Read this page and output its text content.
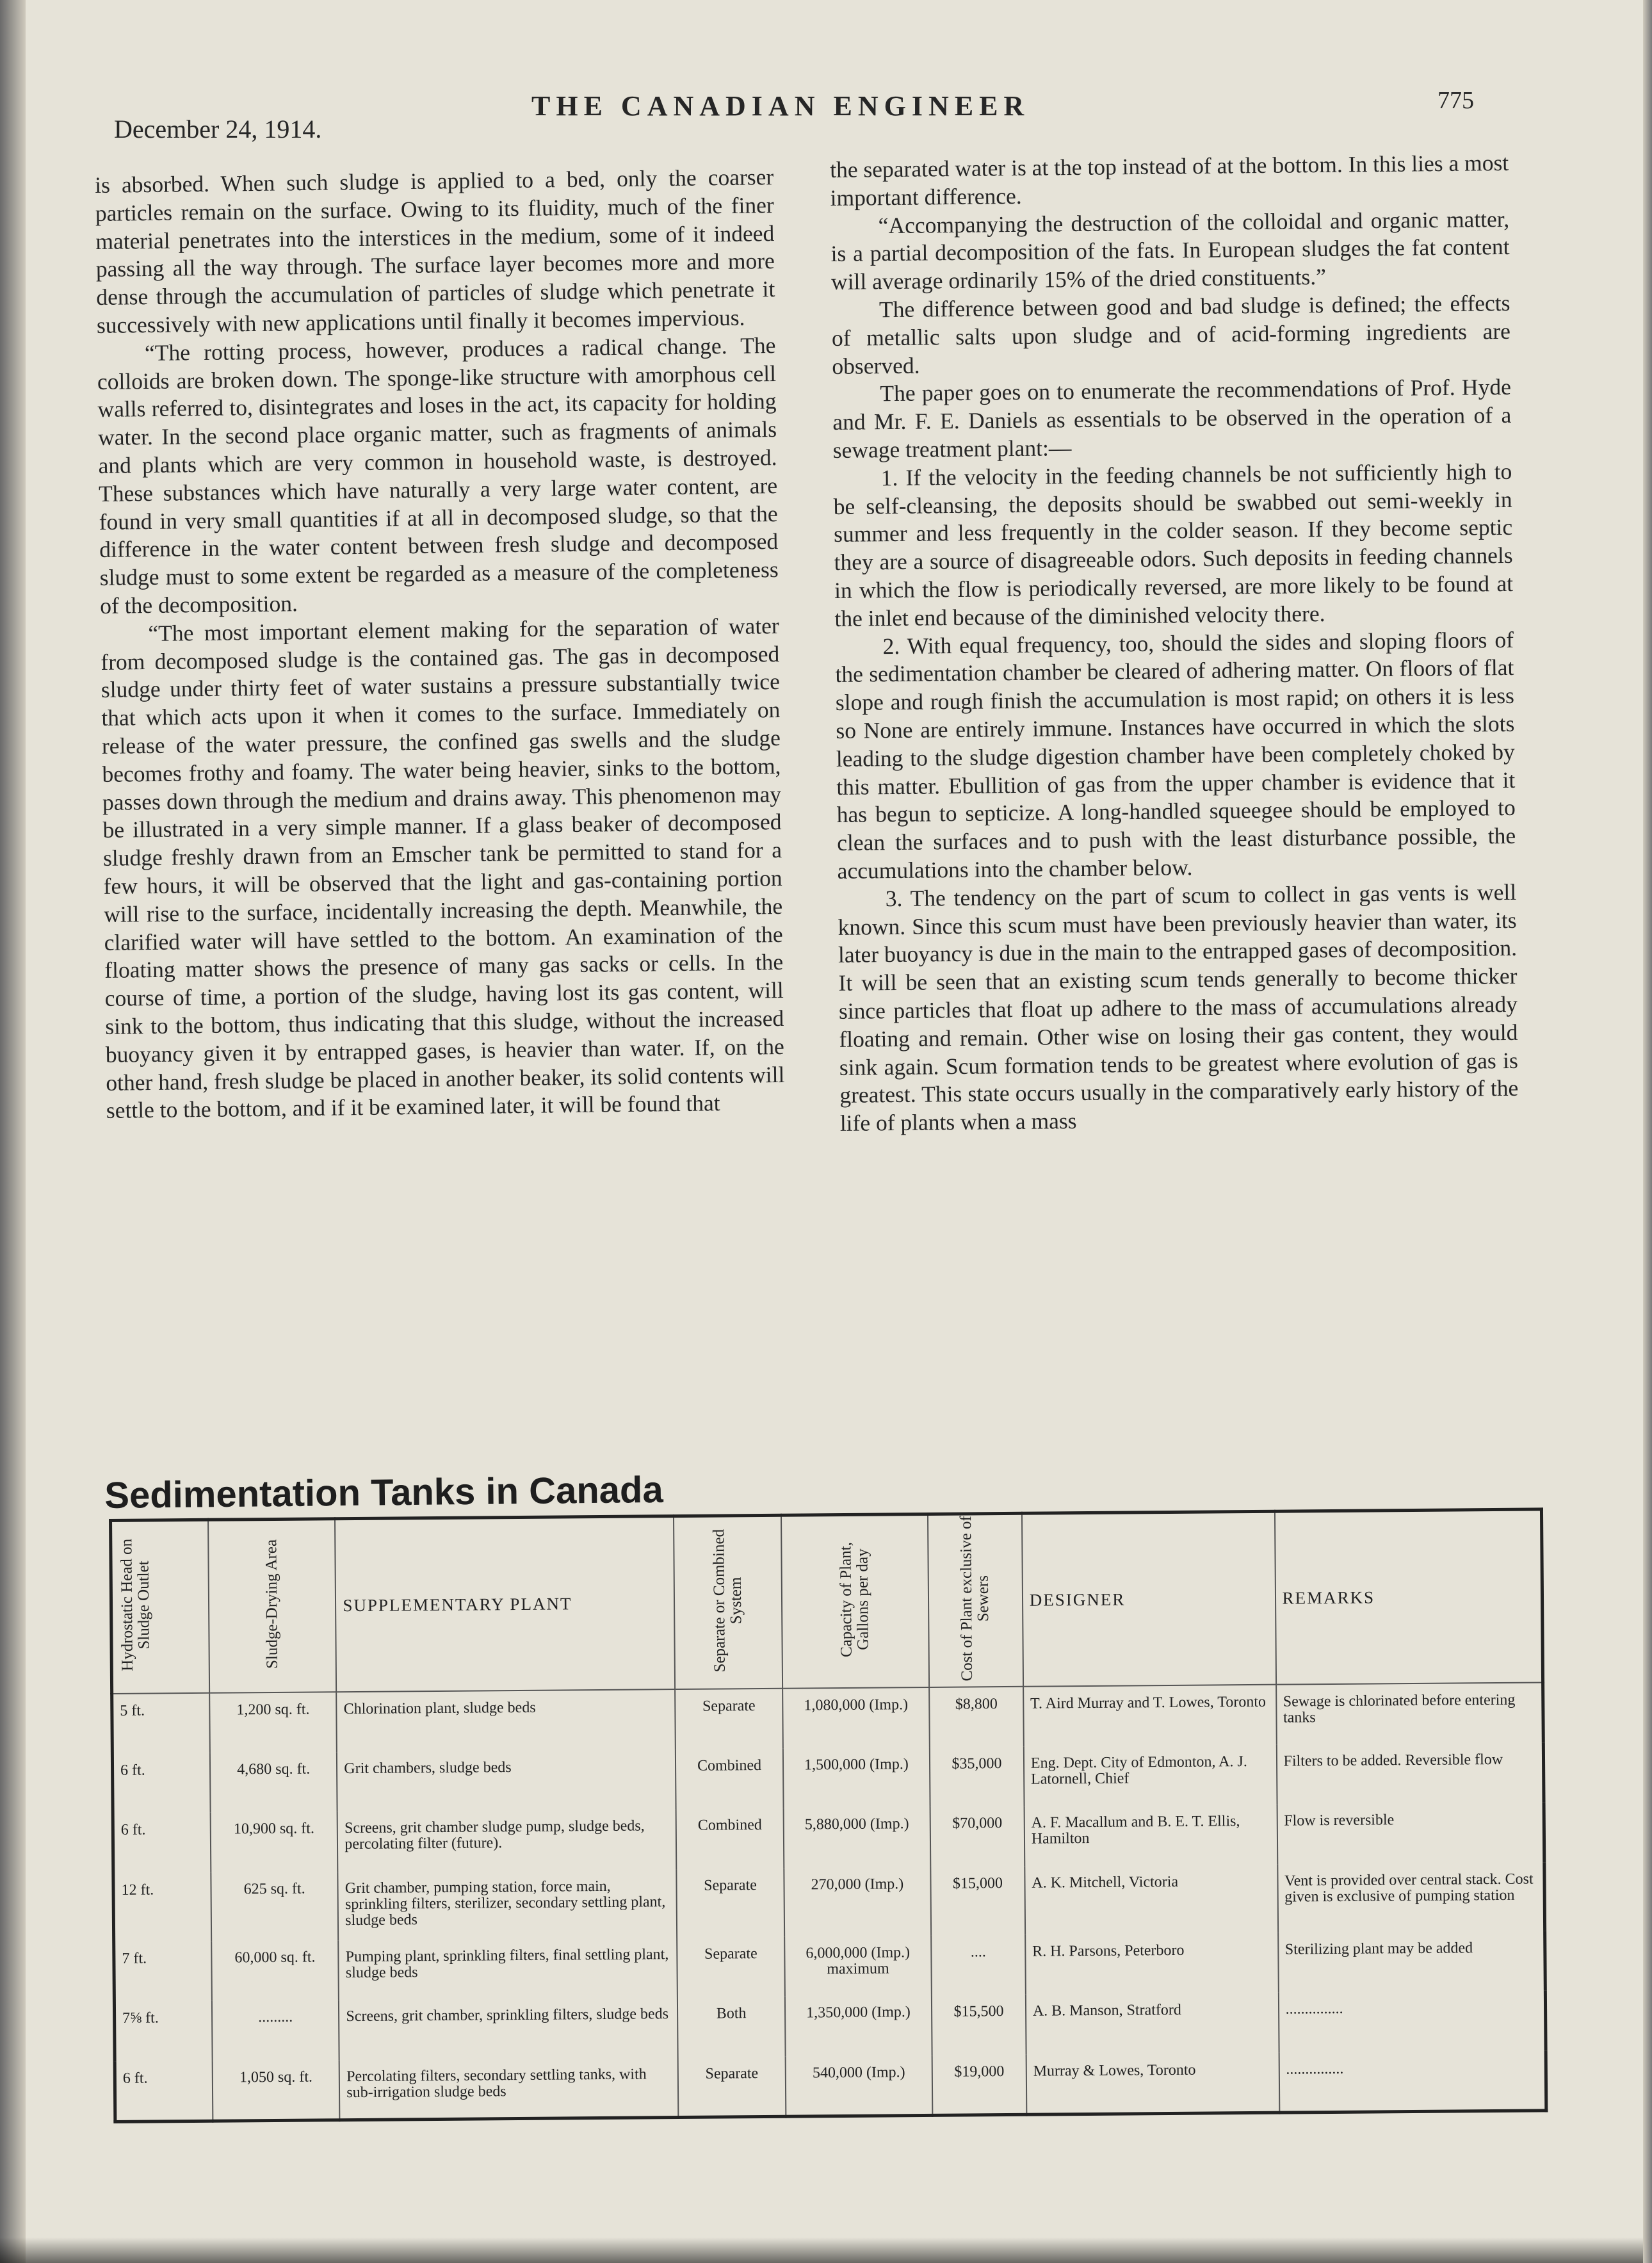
December 24, 1914.
THE CANADIAN ENGINEER	775

is absorbed. When such sludge is applied to a bed, only the coarser particles remain on the surface. Owing to its fluidity, much of the finer material penetrates into the interstices in the medium, some of it indeed passing all the way through. The surface layer becomes more and more dense through the accumulation of particles of sludge which penetrate it successively with new applications until finally it becomes impervious.

“The rotting process, however, produces a radical change. The colloids are broken down. The sponge-like structure with amorphous cell walls referred to, disintegrates and loses in the act, its capacity for holding water. In the second place organic matter, such as fragments of animals and plants which are very common in household waste, is destroyed. These substances which have naturally a very large water content, are found in very small quantities if at all in decomposed sludge, so that the difference in the water content between fresh sludge and decomposed sludge must to some extent be regarded as a measure of the completeness of the decomposition.

“The most important element making for the separation of water from decomposed sludge is the contained gas. The gas in decomposed sludge under thirty feet of water sustains a pressure substantially twice that which acts upon it when it comes to the surface. Immediately on release of the water pressure, the confined gas swells and the sludge becomes frothy and foamy. The water being heavier, sinks to the bottom, passes down through the medium and drains away. This phenomenon may be illustrated in a very simple manner. If a glass beaker of decomposed sludge freshly drawn from an Emscher tank be permitted to stand for a few hours, it will be observed that the light and gas-containing portion will rise to the surface, incidentally increasing the depth. Meanwhile, the clarified water will have settled to the bottom. An examination of the floating matter shows the presence of many gas sacks or cells. In the course of time, a portion of the sludge, having lost its gas content, will sink to the bottom, thus indicating that this sludge, without the increased buoyancy given it by entrapped gases, is heavier than water. If, on the other hand, fresh sludge be placed in another beaker, its solid contents will settle to the bottom, and if it be examined later, it will be found that

the separated water is at the top instead of at the bottom. In this lies a most important difference.

“Accompanying the destruction of the colloidal and organic matter, is a partial decomposition of the fats. In European sludges the fat content will average ordinarily 15% of the dried constituents.”

The difference between good and bad sludge is defined; the effects of metallic salts upon sludge and of acid-forming ingredients are observed.

The paper goes on to enumerate the recommendations of Prof. Hyde and Mr. F. E. Daniels as essentials to be observed in the operation of a sewage treatment plant:—

1. If the velocity in the feeding channels be not sufficiently high to be self-cleansing, the deposits should be swabbed out semi-weekly in summer and less frequently in the colder season. If they become septic they are a source of disagreeable odors. Such deposits in feeding channels in which the flow is periodically reversed, are more likely to be found at the inlet end because of the diminished velocity there.

2. With equal frequency, too, should the sides and sloping floors of the sedimentation chamber be cleared of adhering matter. On floors of flat slope and rough finish the accumulation is most rapid; on others it is less so None are entirely immune. Instances have occurred in which the slots leading to the sludge digestion chamber have been completely choked by this matter. Ebullition of gas from the upper chamber is evidence that it has begun to septicize. A long-handled squeegee should be employed to clean the surfaces and to push with the least disturbance possible, the accumulations into the chamber below.

3. The tendency on the part of scum to collect in gas vents is well known. Since this scum must have been previously heavier than water, its later buoyancy is due in the main to the entrapped gases of decomposition. It will be seen that an existing scum tends generally to become thicker since particles that float up adhere to the mass of accumulations already floating and remain. Other wise on losing their gas content, they would sink again. Scum formation tends to be greatest where evolution of gas is greatest. This state occurs usually in the comparatively early history of the life of plants when a mass

Sedimentation Tanks in Canada
Hydrostatic Head on Sludge Outlet	Sludge-Drying Area	SUPPLEMENTARY PLANT	Separate or Combined System	Capacity of Plant, Gallons per day	Cost of Plant exclusive of Sewers	DESIGNER	REMARKS
5 ft.	1,200 sq. ft.	Chlorination plant, sludge beds	Separate	1,080,000 (Imp.)	$8,800	T. Aird Murray and T. Lowes, Toronto	Sewage is chlorinated before entering tanks
6 ft.	4,680 sq. ft.	Grit chambers, sludge beds	Combined	1,500,000 (Imp.)	$35,000	Eng. Dept. City of Edmonton, A. J. Latornell, Chief	Filters to be added. Reversible flow
6 ft.	10,900 sq. ft.	Screens, grit chamber sludge pump, sludge beds, percolating filter (future).	Combined	5,880,000 (Imp.)	$70,000	A. F. Macallum and B. E. T. Ellis, Hamilton	Flow is reversible
12 ft.	625 sq. ft.	Grit chamber, pumping station, force main, sprinkling filters, sterilizer, secondary settling plant, sludge beds	Separate	270,000 (Imp.)	$15,000	A. K. Mitchell, Victoria	Vent is provided over central stack. Cost given is exclusive of pumping station
7 ft.	60,000 sq. ft.	Pumping plant, sprinkling filters, final settling plant, sludge beds	Separate	6,000,000 (Imp.) maximum	....	R. H. Parsons, Peterboro	Sterilizing plant may be added
7⅝ ft.	.........	Screens, grit chamber, sprinkling filters, sludge beds	Both	1,350,000 (Imp.)	$15,500	A. B. Manson, Stratford	...............
6 ft.	1,050 sq. ft.	Percolating filters, secondary settling tanks, with sub-irrigation sludge beds	Separate	540,000 (Imp.)	$19,000	Murray & Lowes, Toronto	...............
